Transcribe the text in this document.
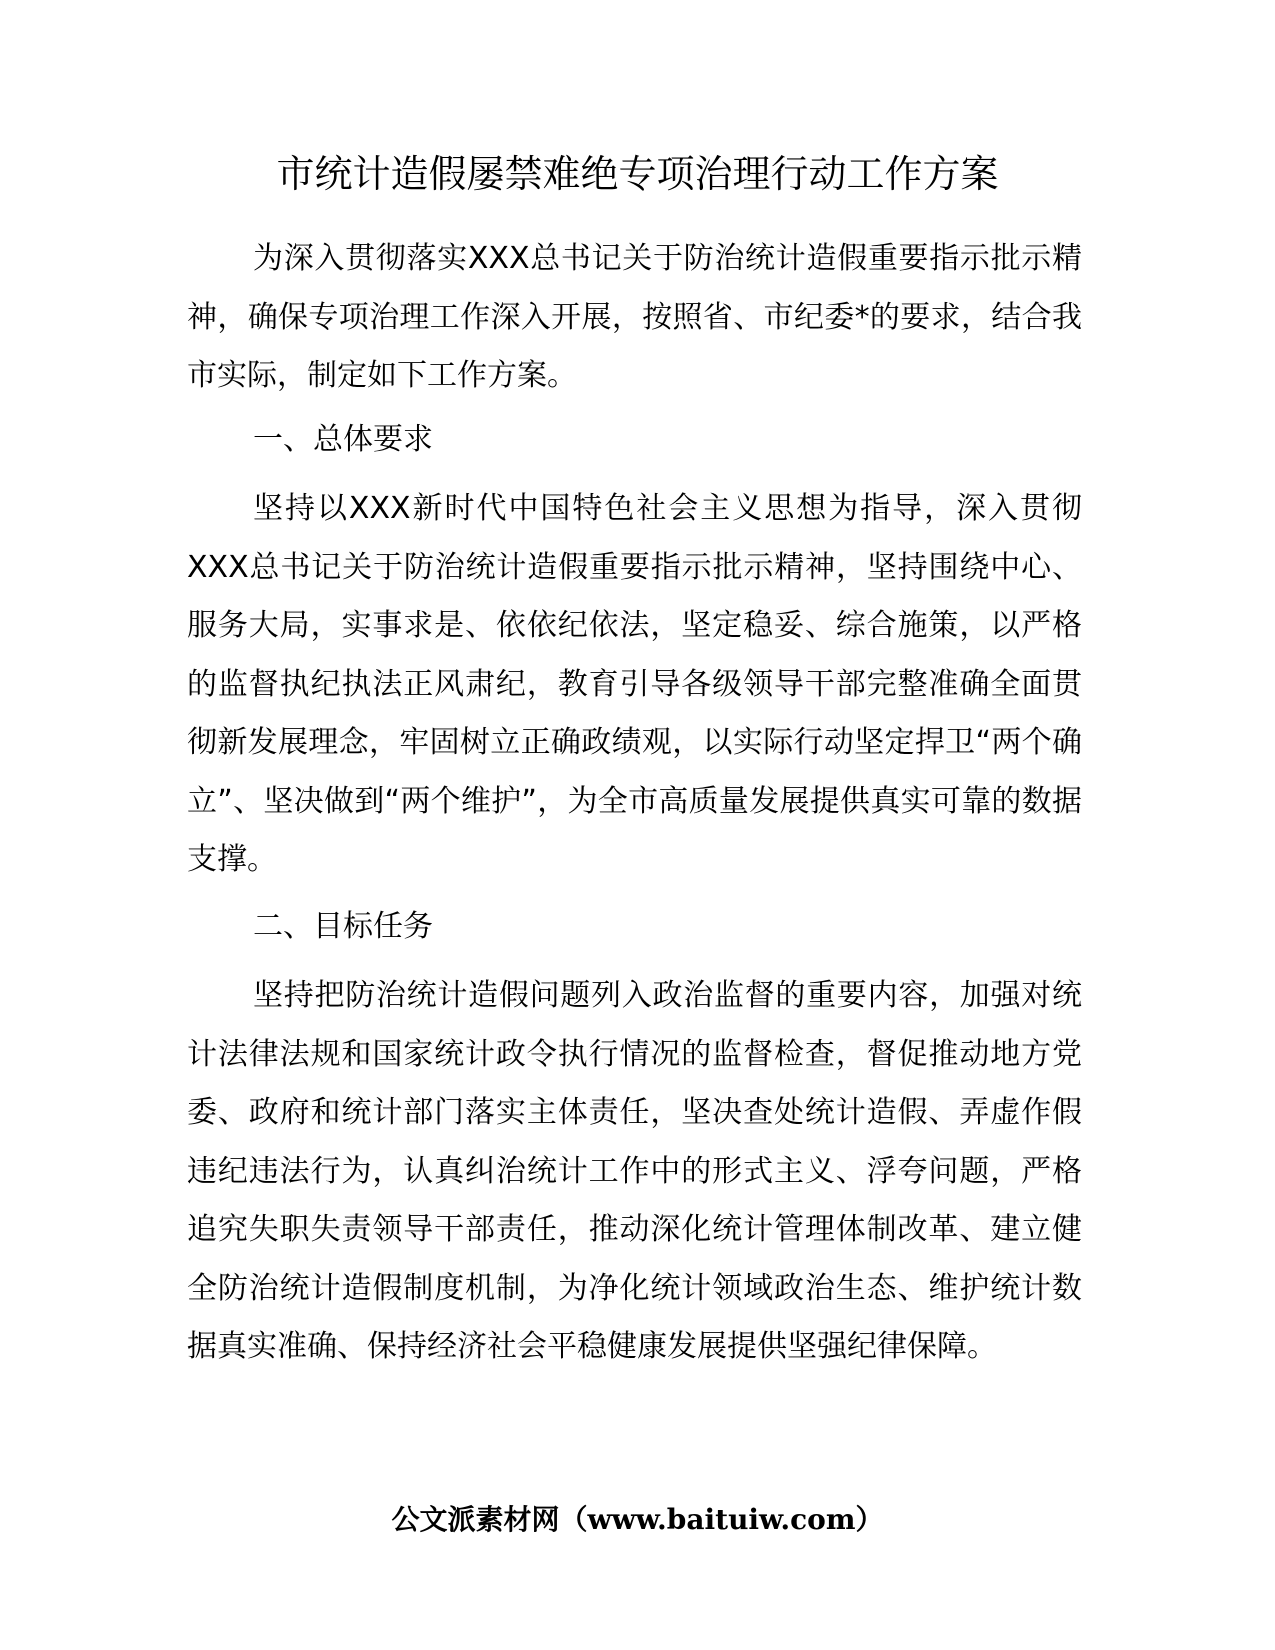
市统计造假屡禁难绝专项治理行动工作方案

为深入贯彻落实XXX总书记关于防治统计造假重要指示批示精神，确保专项治理工作深入开展，按照省、市纪委*的要求，结合我市实际，制定如下工作方案。

一、总体要求

坚持以XXX新时代中国特色社会主义思想为指导，深入贯彻XXX总书记关于防治统计造假重要指示批示精神，坚持围绕中心、服务大局，实事求是、依依纪依法，坚定稳妥、综合施策，以严格的监督执纪执法正风肃纪，教育引导各级领导干部完整准确全面贯彻新发展理念，牢固树立正确政绩观，以实际行动坚定捍卫“两个确立”、坚决做到“两个维护”，为全市高质量发展提供真实可靠的数据支撑。

二、目标任务

坚持把防治统计造假问题列入政治监督的重要内容，加强对统计法律法规和国家统计政令执行情况的监督检查，督促推动地方党委、政府和统计部门落实主体责任，坚决查处统计造假、弄虚作假违纪违法行为，认真纠治统计工作中的形式主义、浮夸问题，严格追究失职失责领导干部责任，推动深化统计管理体制改革、建立健全防治统计造假制度机制，为净化统计领域政治生态、维护统计数据真实准确、保持经济社会平稳健康发展提供坚强纪律保障。

公文派素材网（www.baituiw.com）
